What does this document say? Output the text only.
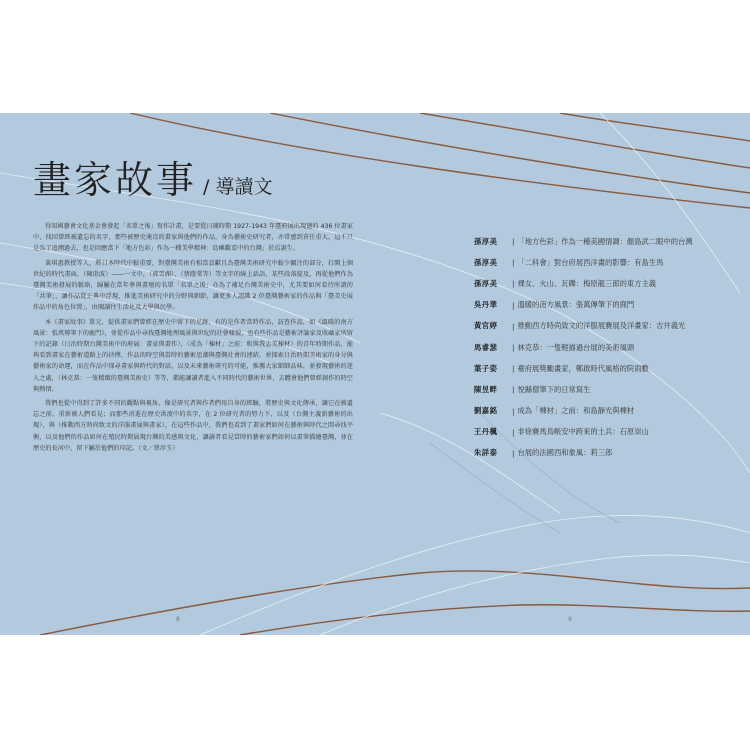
畫家故事 / 導讀文

得知國藝會文化基金會發起「名單之後」寫作計畫，是要從日據時期 1927-1943 年臺府展出現過的 436 位畫家中，找回曾經被遺忘的名字，那些被歷史淹沒的畫家與他們的作品，身為藝術史研究者，亦常感到責任重大，這不只是為了追溯過去，也是回應當下「地方色彩」作為一種美學精神：島嶼觀看中的台灣」於焉誕生。

黃琪惠教授等人，將日本時代中較重要，對臺灣美術有相當貢獻且為臺灣美術研究中較少關注的部分，打開上個世紀的時代畫面，（陳澄波）——一文中，（郭雪湖）、（蔡蔭棠等）等文字的線上話語，某些段落提及，再從他們作為臺灣美術發展的脈絡，歸屬在當年參與畫壇的名單「名單之後」亦為了補足台灣美術史中，尤其要如何看待所謂的「共筆」，讓作品從正典中浮現，推進美術研究中的分野與細節，讓更多人認識 2 位臺灣藝術家的作品與「臺美史展作品中的角色位置」，由閱讀往生活化及大學與民學。

本《畫家故事》單元，提供畫家們曾經在歷史中留下的足跡，有的是作者當時作品，訪查作品，如《溫暖的南方風景：張萬傳筆下的鹿門》，並從作品中尋找臺灣地理風景與世紀的社會樣貌，也有些作品是藝術評論家及收藏家所留下的記錄（日治時期台灣美術中的府展：畫家與畫作），（成為「棟材」之前：和與我志美棟材）的青年時期作品，能夠看到畫家在藝術道路上的抉擇，作品的時空與當時的藝術思潮與臺灣社會的連結，並探索日治時期美術家的身分與藝術家的命運，而在作品中探尋畫家與時代的對話，以及未來藝術研究的可能，推薦大家細細品味，並發現藝術的迷人之處，（林克恭：一隻精緻的臺灣美術史）等等，都能讓讀者進入不同時代的藝術世界，去體會他們曾經創作的時空與熱情。

我們也從中得到了許多不同的觀點與視角，像是研究者與作者們用自身的經驗，將歷史與文化傳承，讓它在被遺忘之前，重新被人們看見；而那些消逝在歷史洪流中的名字，在 2 位研究者的努力下，以及（台灣主義新藝術的出現），與（推動西方時尚致文的洋服畫展與畫家），在這些作品中，我們也看到了畫家們如何在藝術與時代之間尋找平衡，以及他們的作品如何在殖民時期展現台灣的美感與文化，讓讀者看見當時的藝術家們如何以畫筆描繪臺灣，並在歷史的長河中，留下屬於他們的印記。（文／蔡淳玉）

孫淳美	| 「地方色彩」作為一種美國情調：顏島武二眼中的台灣
孫淳美	| 「二科會」對台府展西洋畫的影響：有島生馬
孫淳美	| 裸女、火山、瓦礫：梅原龍三郎的東方主義
吳丹華	| 溫暖的南方風景：張萬傳筆下的鹿門
黃官婷	| 推動西方時尚致文的洋服展賽展及洋畫家：吉井義光
馬睿瑟	| 林克恭：一隻輕描過台展的美術風頭
葉子姿	| 臺府展獎勵畫家，鄭啟時代風格的院雨數
陳昱畔	| 悅縣僧筆下的日常寫生
劉嘉銘	| 成為「棟材」之前：和島靜光與棟材
王丹楓	| 非徐賽馬鳥帳安中跨來的土兵：石原崇山
朱詳泰	| 台展的法國西和象風：莉三郎
8	9
